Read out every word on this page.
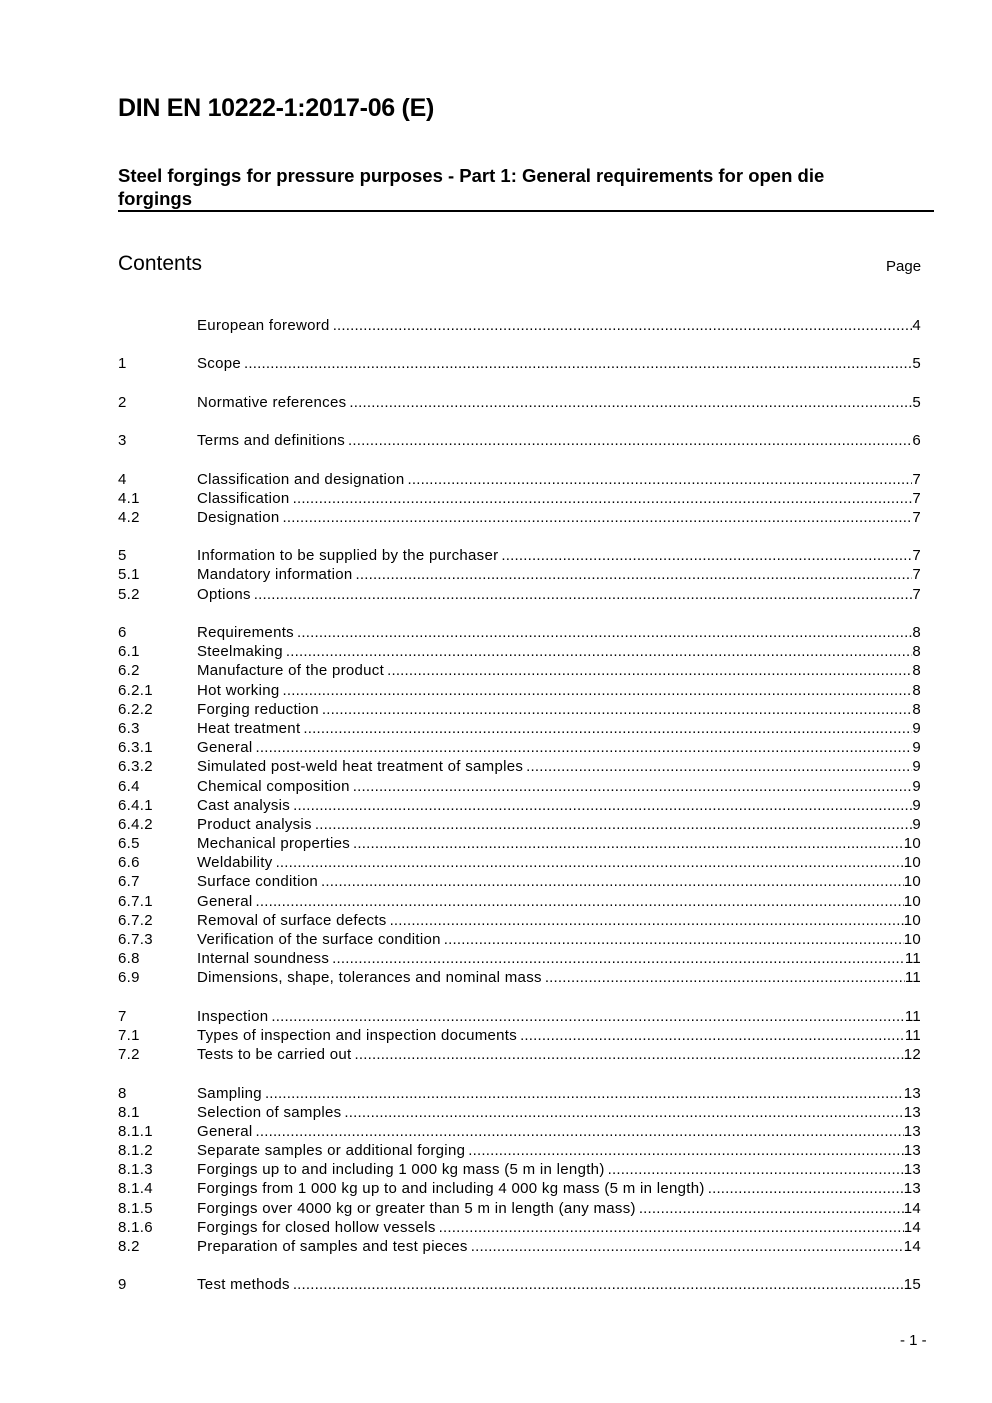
DIN EN 10222-1:2017-06 (E)
Steel forgings for pressure purposes - Part 1: General requirements for open die forgings
Contents	Page
European foreword .....	4
1	Scope .....	5
2	Normative references .....	5
3	Terms and definitions .....	6
4	Classification and designation .....	7
4.1	Classification .....	7
4.2	Designation .....	7
5	Information to be supplied by the purchaser .....	7
5.1	Mandatory information .....	7
5.2	Options .....	7
6	Requirements .....	8
6.1	Steelmaking .....	8
6.2	Manufacture of the product .....	8
6.2.1	Hot working .....	8
6.2.2	Forging reduction .....	8
6.3	Heat treatment .....	9
6.3.1	General .....	9
6.3.2	Simulated post-weld heat treatment of samples .....	9
6.4	Chemical composition .....	9
6.4.1	Cast analysis .....	9
6.4.2	Product analysis .....	9
6.5	Mechanical properties .....	10
6.6	Weldability .....	10
6.7	Surface condition .....	10
6.7.1	General .....	10
6.7.2	Removal of surface defects .....	10
6.7.3	Verification of the surface condition .....	10
6.8	Internal soundness .....	11
6.9	Dimensions, shape, tolerances and nominal mass .....	11
7	Inspection .....	11
7.1	Types of inspection and inspection documents .....	11
7.2	Tests to be carried out .....	12
8	Sampling .....	13
8.1	Selection of samples .....	13
8.1.1	General .....	13
8.1.2	Separate samples or additional forging .....	13
8.1.3	Forgings up to and including 1 000 kg mass (5 m in length) .....	13
8.1.4	Forgings from 1 000 kg up to and including 4 000 kg mass (5 m in length) .....	13
8.1.5	Forgings over 4000 kg or greater than 5 m in length (any mass) .....	14
8.1.6	Forgings for closed hollow vessels .....	14
8.2	Preparation of samples and test pieces .....	14
9	Test methods .....	15
- 1 -
